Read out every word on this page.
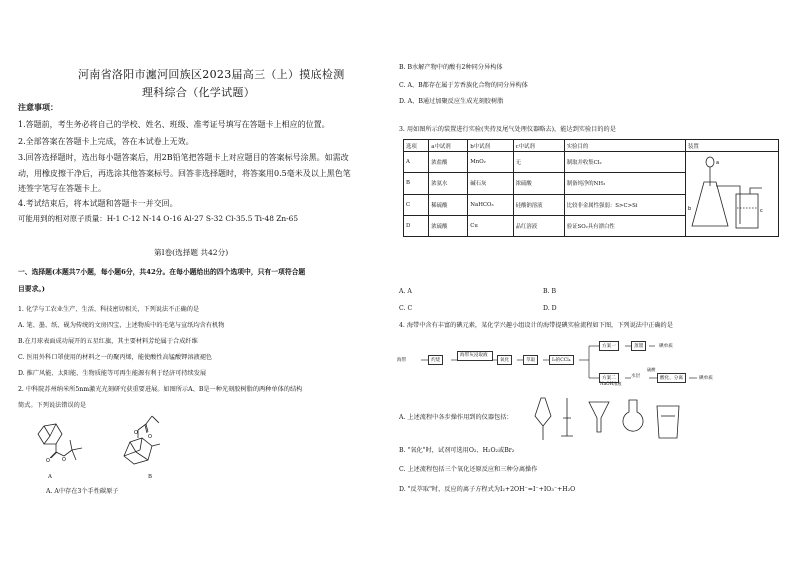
河南省洛阳市瀍河回族区2023届高三（上）摸底检测
理科综合（化学试题）
注意事项：
1.答题前，考生务必将自己的学校、姓名、班级、准考证号填写在答题卡上相应的位置。
2.全部答案在答题卡上完成，答在本试卷上无效。
3.回答选择题时，选出每小题答案后，用2B铅笔把答题卡上对应题目的答案标号涂黑。如需改
动，用橡皮擦干净后，再选涂其他答案标号。回答非选择题时，将答案用0.5毫米及以上黑色笔
迹签字笔写在答题卡上。
4.考试结束后，将本试题和答题卡一并交回。
可能用到的相对原子质量：H-1 C-12 N-14 O-16 Al-27 S-32 Cl-35.5 Ti-48 Zn-65
第Ⅰ卷(选择题 共42分)
一、选择题(本题共7小题，每小题6分，共42分。在每小题给出的四个选项中，只有一项符合题
目要求。)
1. 化学与工农业生产、生活、科技密切相关，下列说法不正确的是
A. 笔、墨、纸、砚为传统的文房四宝，上述物质中的毛笔与宣纸均含有机物
B.在月球表面成功展开的五星红旗，其主要材料芳纶属于合成纤维
C. 医用外科口罩使用的材料之一的聚丙烯，能使酸性高锰酸钾溶液褪色
D. 推广风能、太阳能、生物质能等可再生能源有利于经济可持续发展
2. 中科院苏州纳米所5nm激光光刻研究获重要进展。如图所示A、B是一种光刻胶树脂的两种单体的结构
简式。下列说法错误的是
O O
A
O
O
B
A. A中存在3个手性碳原子
B. B水解产物中的酸有2种同分异构体
C. A、B都存在属于芳香族化合物的同分异构体
D. A、B通过加聚反应生成光刻胶树脂
3. 用如图所示的装置进行实验(夹持及尾气处理仪器略去)，能达到实验目的的是
选项	a中试剂	b中试剂	c中试剂	实验目的	装置
A	浓盐酸	MnO₂	无	制取并收集Cl₂	a
b c

B	浓氨水	碱石灰	浓硫酸	制备纯净的NH₃	
C	稀硫酸	NaHCO₃	硅酸钠溶液	比较非金属性强弱：S>C>Si	
D	浓硫酸	Cu	品红溶液	验证SO₂具有漂白性	
A. A	B. B
C. C	D. D
4. 海带中含有丰富的碘元素，某化学兴趣小组设计的海带提碘实验流程如下图，下列说法中正确的是
海带	灼烧
海带灰浸取液
氧化	萃取	I₂的CCl₄
方案一	蒸馏	碘单质
方案二
NaOH溶液
水层
硫酸
酸化、分离	碘单质
A. 上述流程中各步操作用到的仪器包括：
B. "氧化"时，试剂可选用O₂、H₂O₂或Br₂
C. 上述流程包括三个氧化还原反应和三种分离操作
D. "反萃取"时，反应的离子方程式为I₂+2OH⁻=I⁻+IO₃⁻+H₂O
